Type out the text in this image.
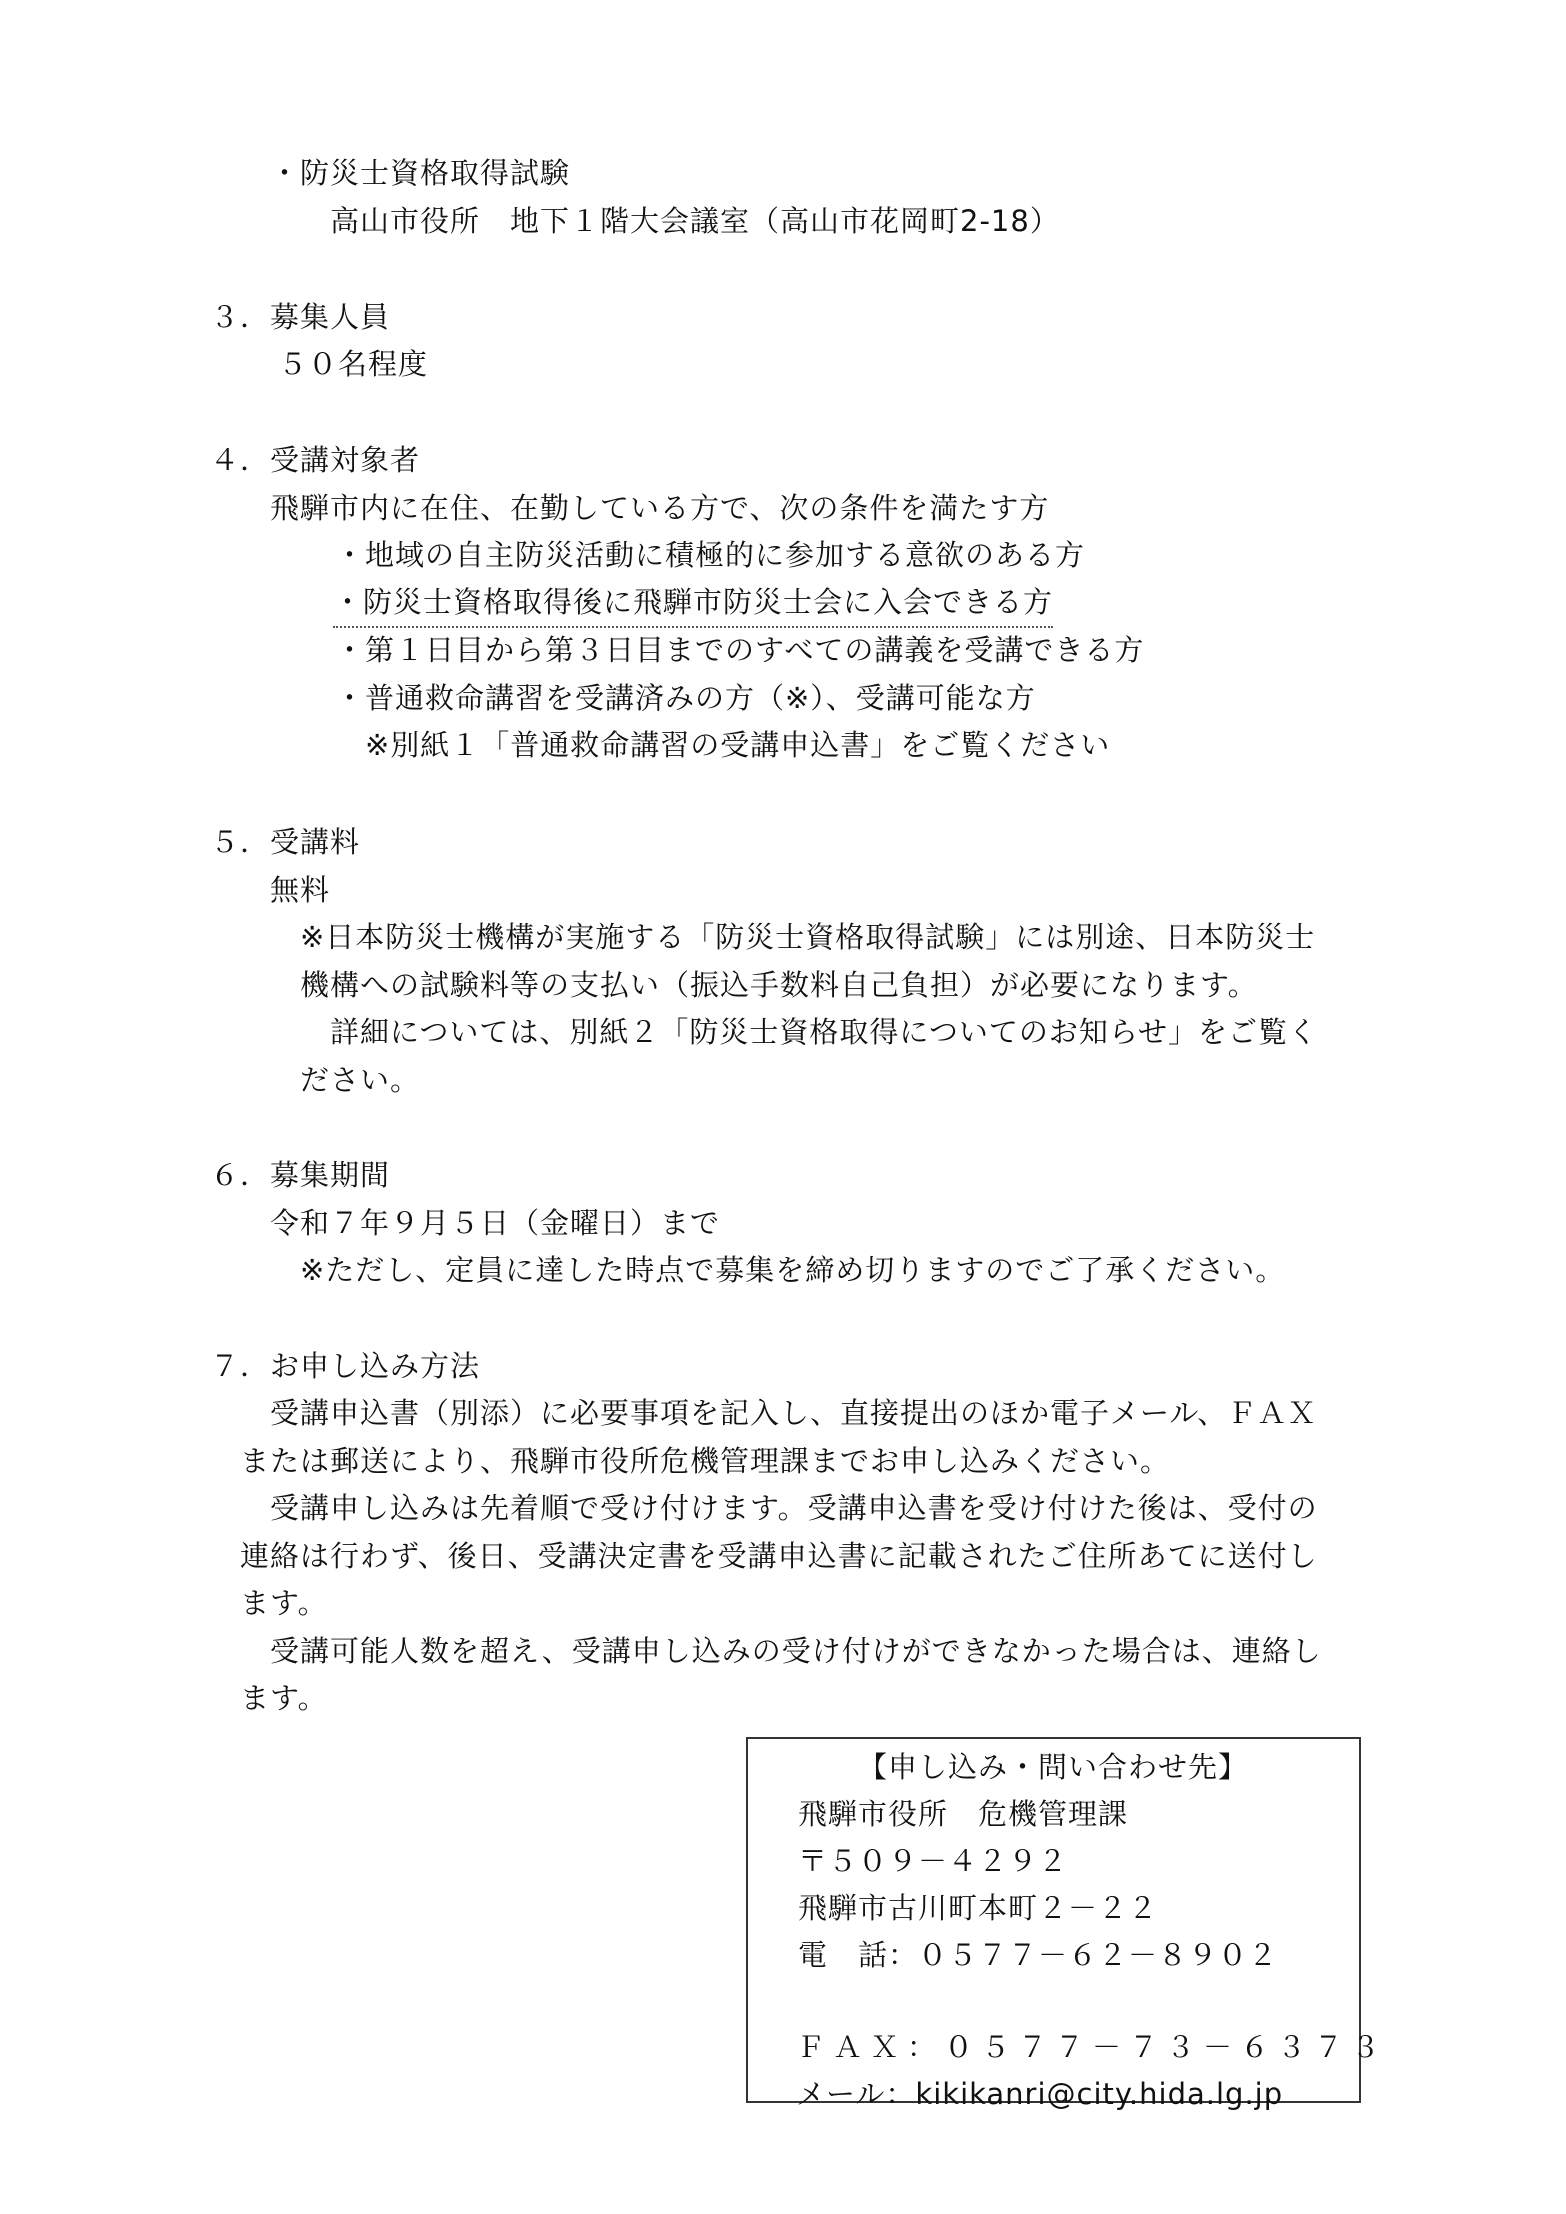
・防災士資格取得試験
高山市役所　地下１階大会議室（高山市花岡町2-18）
３．募集人員
５０名程度
４．受講対象者
飛騨市内に在住、在勤している方で、次の条件を満たす方
・地域の自主防災活動に積極的に参加する意欲のある方
・防災士資格取得後に飛騨市防災士会に入会できる方
・第１日目から第３日目までのすべての講義を受講できる方
・普通救命講習を受講済みの方（※）、受講可能な方
※別紙１「普通救命講習の受講申込書」をご覧ください
５．受講料
無料
※日本防災士機構が実施する「防災士資格取得試験」には別途、日本防災士
機構への試験料等の支払い（振込手数料自己負担）が必要になります。
　詳細については、別紙２「防災士資格取得についてのお知らせ」をご覧く
ださい。
６．募集期間
令和７年９月５日（金曜日）まで
※ただし、定員に達した時点で募集を締め切りますのでご了承ください。
７．お申し込み方法
　受講申込書（別添）に必要事項を記入し、直接提出のほか電子メール、ＦＡＸ
または郵送により、飛騨市役所危機管理課までお申し込みください。
　受講申し込みは先着順で受け付けます。受講申込書を受け付けた後は、受付の
連絡は行わず、後日、受講決定書を受講申込書に記載されたご住所あてに送付し
ます。
　受講可能人数を超え、受講申し込みの受け付けができなかった場合は、連絡し
ます。
【申し込み・問い合わせ先】
飛騨市役所　危機管理課
〒５０９－４２９２
飛騨市古川町本町２－２２
電　話：０５７７－６２－８９０２
ＦＡＸ：０５７７－７３－６３７３
メール：kikikanri@city.hida.lg.jp
